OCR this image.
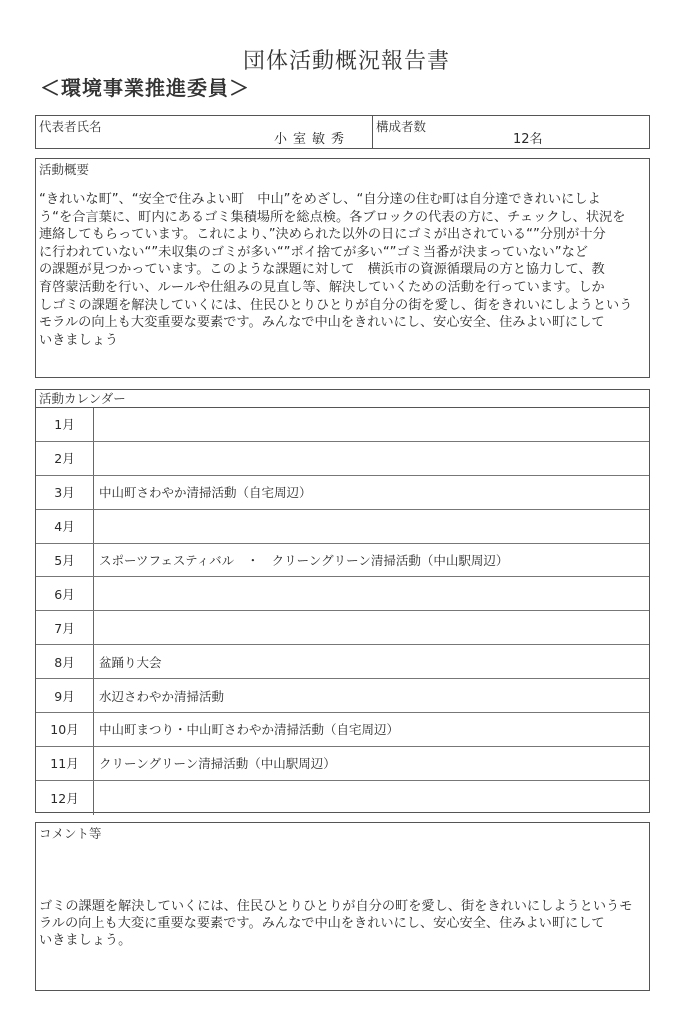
団体活動概況報告書
＜環境事業推進委員＞
代表者氏名
小室敏秀
構成者数
12名
活動概要
“きれいな町”、“安全で住みよい町　中山”をめざし、“自分達の住む町は自分達できれいにしよ
う“を合言葉に、町内にあるゴミ集積場所を総点検。各ブロックの代表の方に、チェックし、状況を
連絡してもらっています。これにより、”決められた以外の日にゴミが出されている“”分別が十分
に行われていない“”未収集のゴミが多い“”ポイ捨てが多い“”ゴミ当番が決まっていない”など
の課題が見つかっています。このような課題に対して　横浜市の資源循環局の方と協力して、教
育啓蒙活動を行い、ルールや仕組みの見直し等、解決していくための活動を行っています。しか
しゴミの課題を解決していくには、住民ひとりひとりが自分の街を愛し、街をきれいにしようという
モラルの向上も大変重要な要素です。みんなで中山をきれいにし、安心安全、住みよい町にして
いきましょう
活動カレンダー
1月
2月
3月	中山町さわやか清掃活動（自宅周辺）
4月
5月	スポーツフェスティバル　・　クリーングリーン清掃活動（中山駅周辺）
6月
7月
8月	盆踊り大会
9月	水辺さわやか清掃活動
10月	中山町まつり・中山町さわやか清掃活動（自宅周辺）
11月	クリーングリーン清掃活動（中山駅周辺）
12月
コメント等
ゴミの課題を解決していくには、住民ひとりひとりが自分の町を愛し、街をきれいにしようというモ
ラルの向上も大変に重要な要素です。みんなで中山をきれいにし、安心安全、住みよい町にして
いきましょう。
